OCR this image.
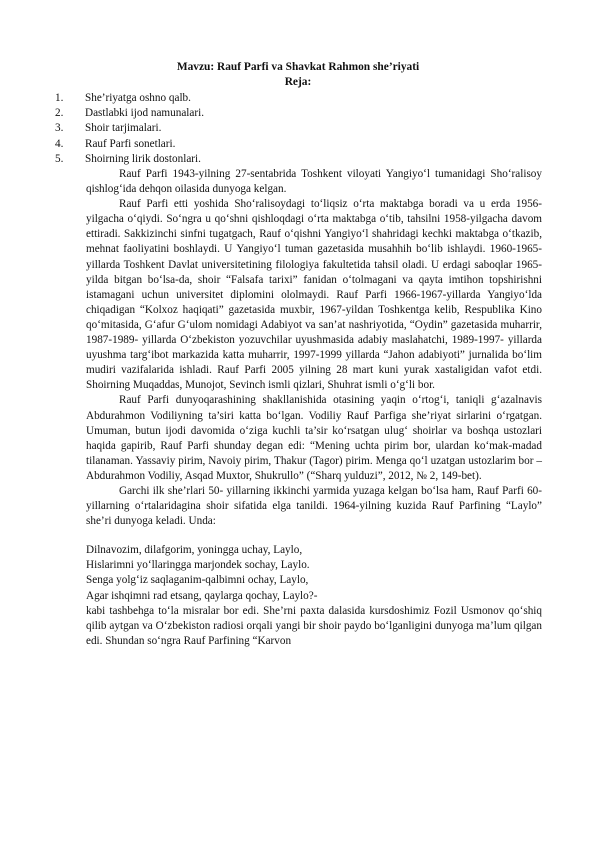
Mavzu: Rauf Parfi va Shavkat Rahmon she’riyati
Reja:
1. She’riyatga oshno qalb.
2. Dastlabki ijod namunalari.
3. Shoir tarjimalari.
4. Rauf Parfi sonetlari.
5. Shoirning lirik dostonlari.

Rauf Parfi 1943-yilning 27-sentabrida Toshkent viloyati Yangiyo‘l tumanidagi Sho‘ralisoy qishlog‘ida dehqon oilasida dunyoga kelgan.

Rauf Parfi etti yoshida Sho‘ralisoydagi to‘liqsiz o‘rta maktabga boradi va u erda 1956-yilgacha o‘qiydi. So‘ngra u qo‘shni qishloqdagi o‘rta maktabga o‘tib, tahsilni 1958-yilgacha davom ettiradi. Sakkizinchi sinfni tugatgach, Rauf o‘qishni Yangiyo‘l shahridagi kechki maktabga o‘tkazib, mehnat faoliyatini boshlaydi. U Yangiyo‘l tuman gazetasida musahhih bo‘lib ishlaydi. 1960-1965-yillarda Toshkent Davlat universitetining filologiya fakultetida tahsil oladi. U erdagi saboqlar 1965-yilda bitgan bo‘lsa-da, shoir “Falsafa tarixi” fanidan o‘tolmagani va qayta imtihon topshirishni istamagani uchun universitet diplomini ololmaydi. Rauf Parfi 1966-1967-yillarda Yangiyo‘lda chiqadigan “Kolxoz haqiqati” gazetasida muxbir, 1967-yildan Toshkentga kelib, Respublika Kino qo‘mitasida, G‘afur G‘ulom nomidagi Adabiyot va san’at nashriyotida, “Oydin” gazetasida muharrir, 1987-1989- yillarda O‘zbekiston yozuvchilar uyushmasida adabiy maslahatchi, 1989-1997- yillarda uyushma targ‘ibot markazida katta muharrir, 1997-1999 yillarda “Jahon adabiyoti” jurnalida bo‘lim mudiri vazifalarida ishladi. Rauf Parfi 2005 yilning 28 mart kuni yurak xastaligidan vafot etdi. Shoirning Muqaddas, Munojot, Sevinch ismli qizlari, Shuhrat ismli o‘g‘li bor.

Rauf Parfi dunyoqarashining shakllanishida otasining yaqin o‘rtog‘i, taniqli g‘azalnavis Abdurahmon Vodiliyning ta’siri katta bo‘lgan. Vodiliy Rauf Parfiga she’riyat sirlarini o‘rgatgan. Umuman, butun ijodi davomida o‘ziga kuchli ta’sir ko‘rsatgan ulug‘ shoirlar va boshqa ustozlari haqida gapirib, Rauf Parfi shunday degan edi: “Mening uchta pirim bor, ulardan ko‘mak-madad tilanaman. Yassaviy pirim, Navoiy pirim, Thakur (Tagor) pirim. Menga qo‘l uzatgan ustozlarim bor – Abdurahmon Vodiliy, Asqad Muxtor, Shukrullo” (“Sharq yulduzi”, 2012, № 2, 149-bet).

Garchi ilk she’rlari 50- yillarning ikkinchi yarmida yuzaga kelgan bo‘lsa ham, Rauf Parfi 60-yillarning o‘rtalaridagina shoir sifatida elga tanildi. 1964-yilning kuzida Rauf Parfining “Laylo” she’ri dunyoga keladi. Unda:

Dilnavozim, dilafgorim, yoningga uchay, Laylo,
Hislarimni yo‘llaringga marjondek sochay, Laylo.
Senga yolg‘iz saqlaganim-qalbimni ochay, Laylo,
Agar ishqimni rad etsang, qaylarga qochay, Laylo?-

kabi tashbehga to‘la misralar bor edi. She’rni paxta dalasida kursdoshimiz Fozil Usmonov qo‘shiq qilib aytgan va O‘zbekiston radiosi orqali yangi bir shoir paydo bo‘lganligini dunyoga ma’lum qilgan edi. Shundan so‘ngra Rauf Parfining “Karvon
